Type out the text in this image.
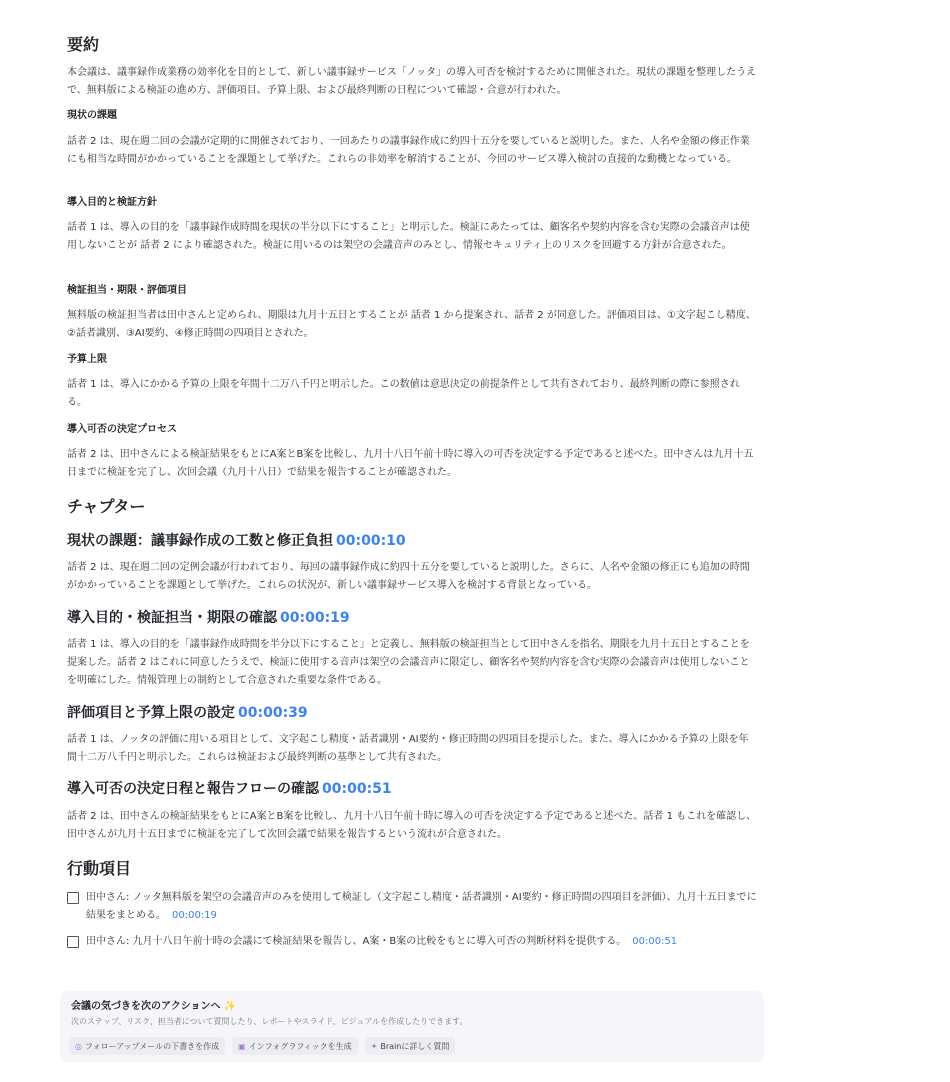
要約

本会議は、議事録作成業務の効率化を目的として、新しい議事録サービス「ノッタ」の導入可否を検討するために開催された。現状の課題を整理したうえで、無料版による検証の進め方、評価項目、予算上限、および最終判断の日程について確認・合意が行われた。

現状の課題

話者 2 は、現在週二回の会議が定期的に開催されており、一回あたりの議事録作成に約四十五分を要していると説明した。また、人名や金額の修正作業にも相当な時間がかかっていることを課題として挙げた。これらの非効率を解消することが、今回のサービス導入検討の直接的な動機となっている。

導入目的と検証方針

話者 1 は、導入の目的を「議事録作成時間を現状の半分以下にすること」と明示した。検証にあたっては、顧客名や契約内容を含む実際の会議音声は使用しないことが 話者 2 により確認された。検証に用いるのは架空の会議音声のみとし、情報セキュリティ上のリスクを回避する方針が合意された。

検証担当・期限・評価項目

無料版の検証担当者は田中さんと定められ、期限は九月十五日とすることが 話者 1 から提案され、話者 2 が同意した。評価項目は、①文字起こし精度、②話者識別、③AI要約、④修正時間の四項目とされた。

予算上限

話者 1 は、導入にかかる予算の上限を年間十二万八千円と明示した。この数値は意思決定の前提条件として共有されており、最終判断の際に参照される。

導入可否の決定プロセス

話者 2 は、田中さんによる検証結果をもとにA案とB案を比較し、九月十八日午前十時に導入の可否を決定する予定であると述べた。田中さんは九月十五日までに検証を完了し、次回会議（九月十八日）で結果を報告することが確認された。

チャプター
現状の課題：議事録作成の工数と修正負担 00:00:10

話者 2 は、現在週二回の定例会議が行われており、毎回の議事録作成に約四十五分を要していると説明した。さらに、人名や金額の修正にも追加の時間がかかっていることを課題として挙げた。これらの状況が、新しい議事録サービス導入を検討する背景となっている。

導入目的・検証担当・期限の確認 00:00:19

話者 1 は、導入の目的を「議事録作成時間を半分以下にすること」と定義し、無料版の検証担当として田中さんを指名、期限を九月十五日とすることを提案した。話者 2 はこれに同意したうえで、検証に使用する音声は架空の会議音声に限定し、顧客名や契約内容を含む実際の会議音声は使用しないことを明確にした。情報管理上の制約として合意された重要な条件である。

評価項目と予算上限の設定 00:00:39

話者 1 は、ノッタの評価に用いる項目として、文字起こし精度・話者識別・AI要約・修正時間の四項目を提示した。また、導入にかかる予算の上限を年間十二万八千円と明示した。これらは検証および最終判断の基準として共有された。

導入可否の決定日程と報告フローの確認 00:00:51

話者 2 は、田中さんの検証結果をもとにA案とB案を比較し、九月十八日午前十時に導入の可否を決定する予定であると述べた。話者 1 もこれを確認し、田中さんが九月十五日までに検証を完了して次回会議で結果を報告するという流れが合意された。

行動項目
田中さん: ノッタ無料版を架空の会議音声のみを使用して検証し（文字起こし精度・話者識別・AI要約・修正時間の四項目を評価）、九月十五日までに結果をまとめる。 00:00:19
田中さん: 九月十八日午前十時の会議にて検証結果を報告し、A案・B案の比較をもとに導入可否の判断材料を提供する。 00:00:51
会議の気づきを次のアクションへ ✨
次のステップ、リスク、担当者について質問したり、レポートやスライド、ビジュアルを作成したりできます。
◎ フォローアップメールの下書きを作成 ▣ インフォグラフィックを生成 ✦ Brainに詳しく質問
